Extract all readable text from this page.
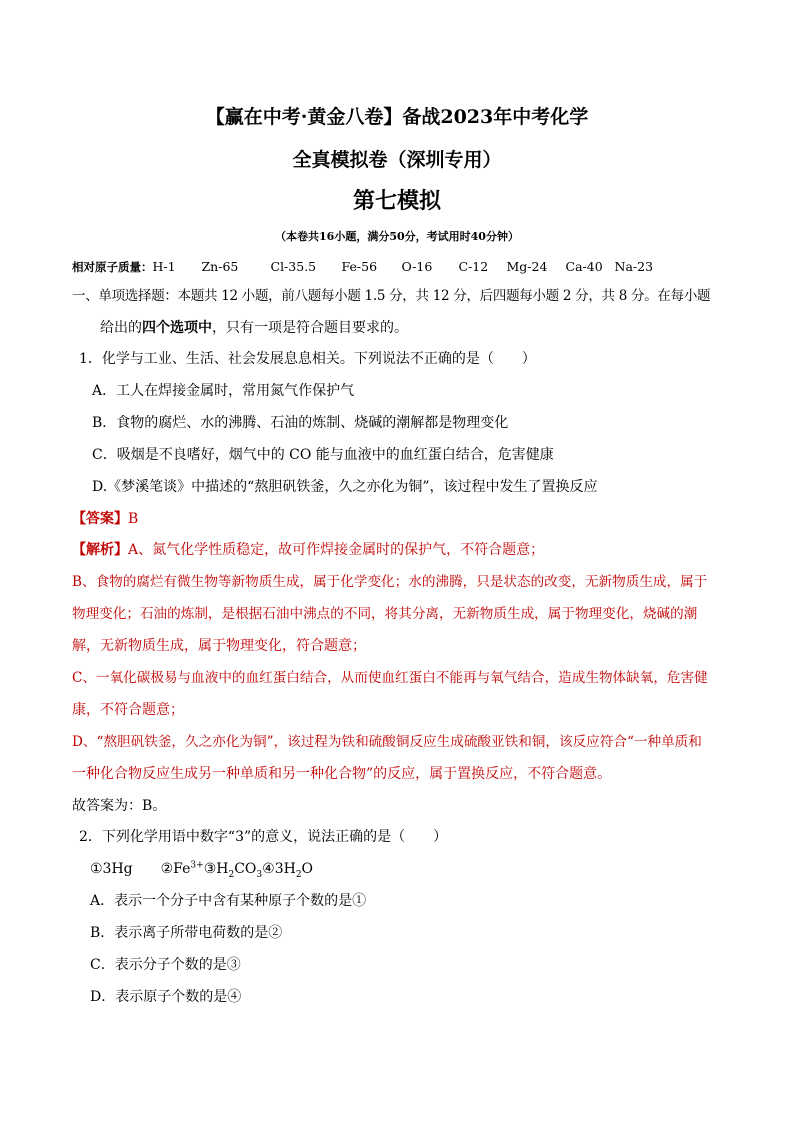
【赢在中考·黄金八卷】备战2023年中考化学
全真模拟卷（深圳专用）
第七模拟
（本卷共16小题，满分50分，考试用时40分钟）
相对原子质量：H-1 Zn-65	Cl-35.5 Fe-56 O-16 C-12 Mg-24 Ca-40 Na-23
一、单项选择题：本题共 12 小题，前八题每小题 1.5 分，共 12 分，后四题每小题 2 分，共 8 分。在每小题
给出的四个选项中，只有一项是符合题目要求的。
1．化学与工业、生活、社会发展息息相关。下列说法不正确的是（　　）
A．工人在焊接金属时，常用氮气作保护气
B．食物的腐烂、水的沸腾、石油的炼制、烧碱的潮解都是物理变化
C．吸烟是不良嗜好，烟气中的 CO 能与血液中的血红蛋白结合，危害健康
D.《梦溪笔谈》中描述的“熬胆矾铁釜，久之亦化为铜”，该过程中发生了置换反应
【答案】B
【解析】A、氮气化学性质稳定，故可作焊接金属时的保护气，不符合题意；
B、食物的腐烂有微生物等新物质生成，属于化学变化；水的沸腾，只是状态的改变，无新物质生成，属于
物理变化；石油的炼制，是根据石油中沸点的不同，将其分离，无新物质生成，属于物理变化，烧碱的潮
解，无新物质生成，属于物理变化，符合题意；
C、一氧化碳极易与血液中的血红蛋白结合，从而使血红蛋白不能再与氧气结合，造成生物体缺氧，危害健
康，不符合题意；
D、“熬胆矾铁釜，久之亦化为铜”，该过程为铁和硫酸铜反应生成硫酸亚铁和铜，该反应符合“一种单质和
一种化合物反应生成另一种单质和另一种化合物”的反应，属于置换反应，不符合题意。
故答案为：B。
2．下列化学用语中数字“3”的意义，说法正确的是（　　）
①3Hg　　$②Fe^{3+}③H_2CO_3④3H_2O$
A．表示一个分子中含有某种原子个数的是①
B．表示离子所带电荷数的是②
C．表示分子个数的是③
D．表示原子个数的是④
